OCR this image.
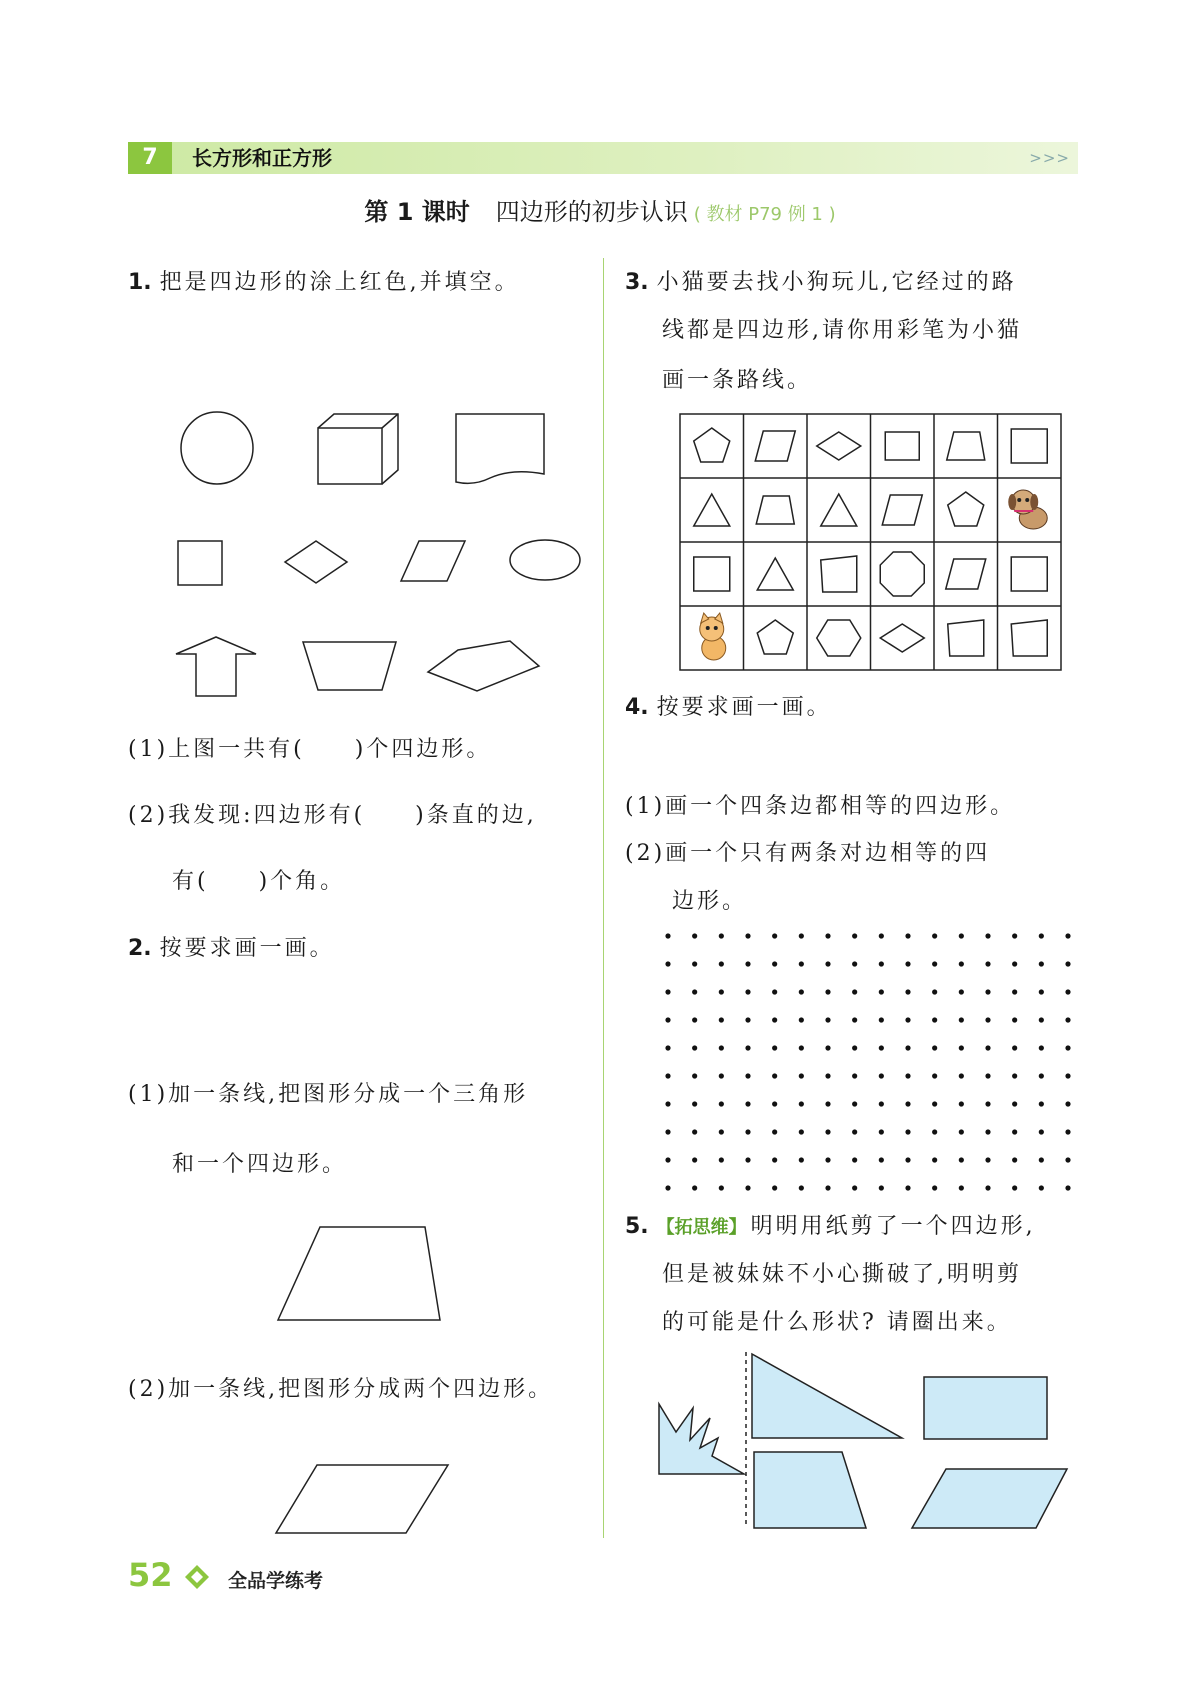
7	长方形和正方形	>>>
第 1 课时 四边形的初步认识 ( 教材 P79 例 1 )
1. 把是四边形的涂上红色,并填空。
(1)上图一共有(　　)个四边形。
(2)我发现:四边形有(　　)条直的边,
有(　　)个角。
2. 按要求画一画。
(1)加一条线,把图形分成一个三角形
和一个四边形。
(2)加一条线,把图形分成两个四边形。
3. 小猫要去找小狗玩儿,它经过的路
线都是四边形,请你用彩笔为小猫
画一条路线。
4. 按要求画一画。
(1)画一个四条边都相等的四边形。
(2)画一个只有两条对边相等的四
边形。
5. 【拓思维】 明明用纸剪了一个四边形,
但是被妹妹不小心撕破了,明明剪
的可能是什么形状? 请圈出来。
52	全品学练考
